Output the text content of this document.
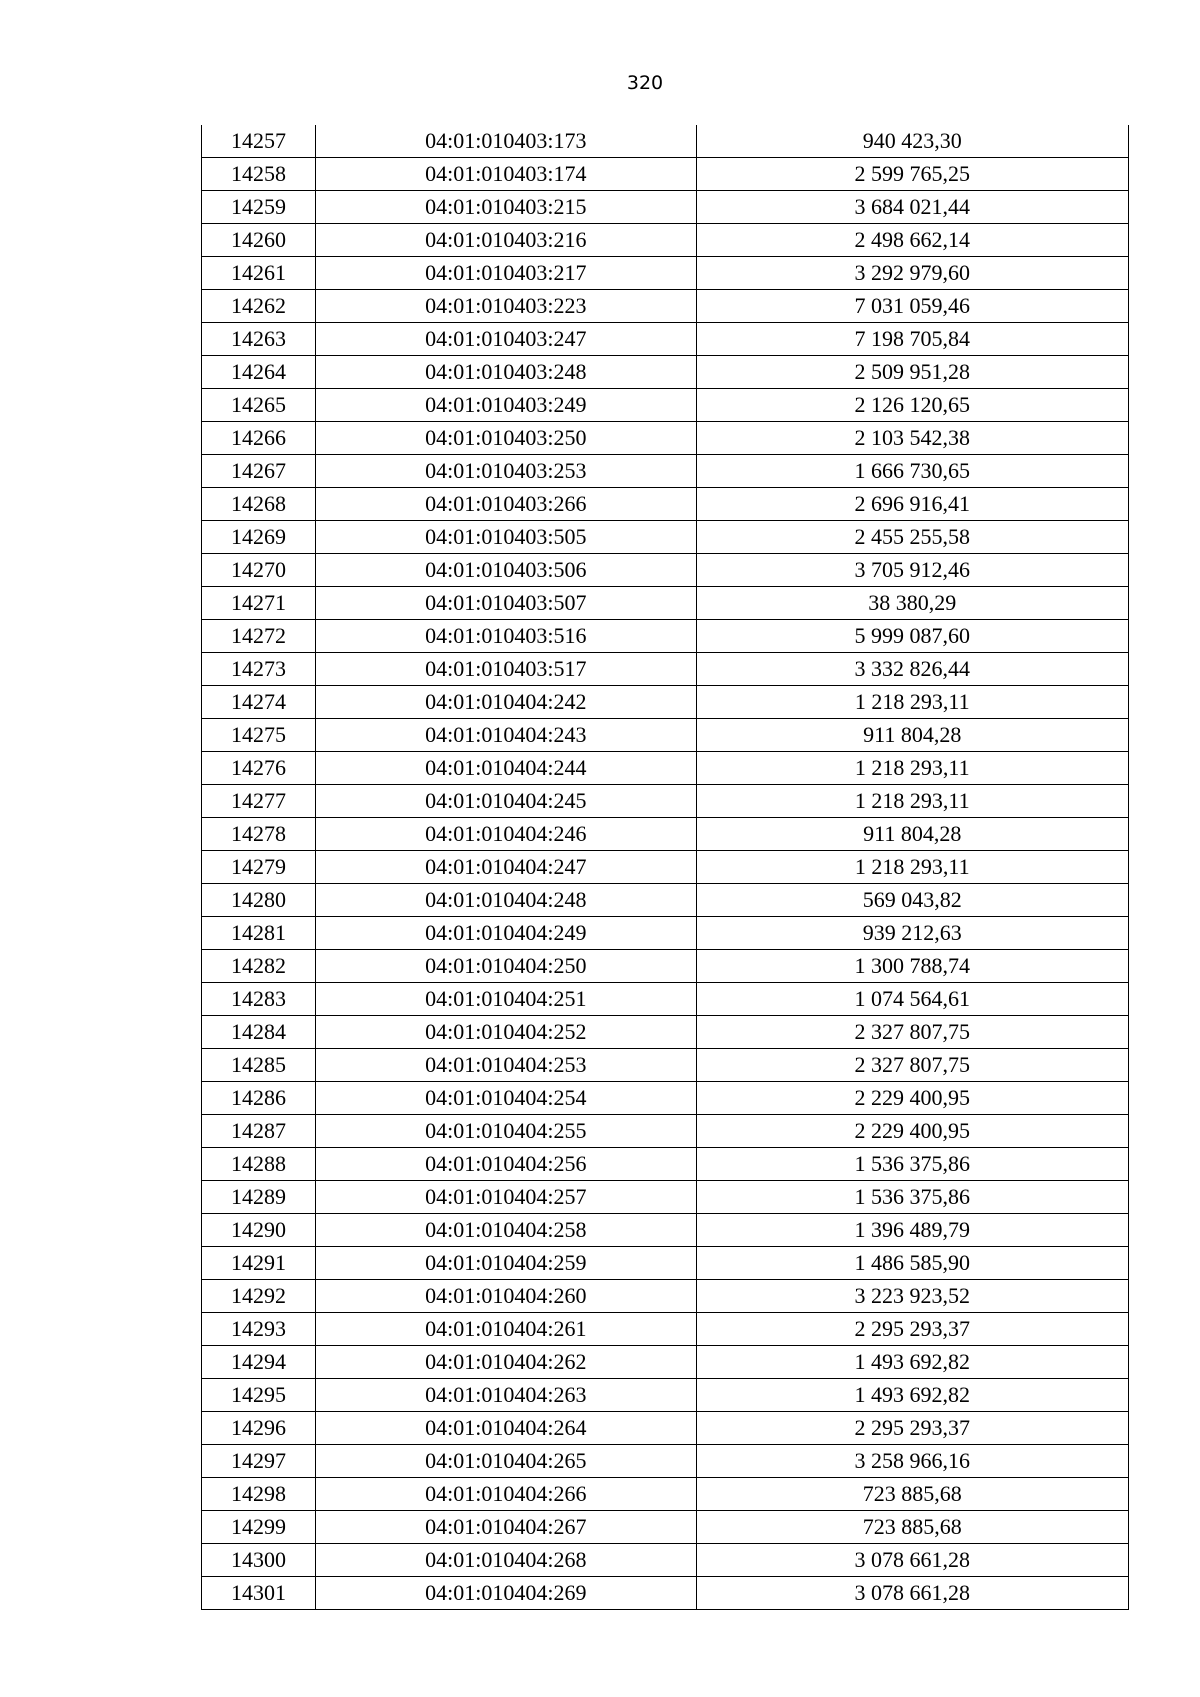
320
14257	04:01:010403:173	940 423,30
14258	04:01:010403:174	2 599 765,25
14259	04:01:010403:215	3 684 021,44
14260	04:01:010403:216	2 498 662,14
14261	04:01:010403:217	3 292 979,60
14262	04:01:010403:223	7 031 059,46
14263	04:01:010403:247	7 198 705,84
14264	04:01:010403:248	2 509 951,28
14265	04:01:010403:249	2 126 120,65
14266	04:01:010403:250	2 103 542,38
14267	04:01:010403:253	1 666 730,65
14268	04:01:010403:266	2 696 916,41
14269	04:01:010403:505	2 455 255,58
14270	04:01:010403:506	3 705 912,46
14271	04:01:010403:507	38 380,29
14272	04:01:010403:516	5 999 087,60
14273	04:01:010403:517	3 332 826,44
14274	04:01:010404:242	1 218 293,11
14275	04:01:010404:243	911 804,28
14276	04:01:010404:244	1 218 293,11
14277	04:01:010404:245	1 218 293,11
14278	04:01:010404:246	911 804,28
14279	04:01:010404:247	1 218 293,11
14280	04:01:010404:248	569 043,82
14281	04:01:010404:249	939 212,63
14282	04:01:010404:250	1 300 788,74
14283	04:01:010404:251	1 074 564,61
14284	04:01:010404:252	2 327 807,75
14285	04:01:010404:253	2 327 807,75
14286	04:01:010404:254	2 229 400,95
14287	04:01:010404:255	2 229 400,95
14288	04:01:010404:256	1 536 375,86
14289	04:01:010404:257	1 536 375,86
14290	04:01:010404:258	1 396 489,79
14291	04:01:010404:259	1 486 585,90
14292	04:01:010404:260	3 223 923,52
14293	04:01:010404:261	2 295 293,37
14294	04:01:010404:262	1 493 692,82
14295	04:01:010404:263	1 493 692,82
14296	04:01:010404:264	2 295 293,37
14297	04:01:010404:265	3 258 966,16
14298	04:01:010404:266	723 885,68
14299	04:01:010404:267	723 885,68
14300	04:01:010404:268	3 078 661,28
14301	04:01:010404:269	3 078 661,28
